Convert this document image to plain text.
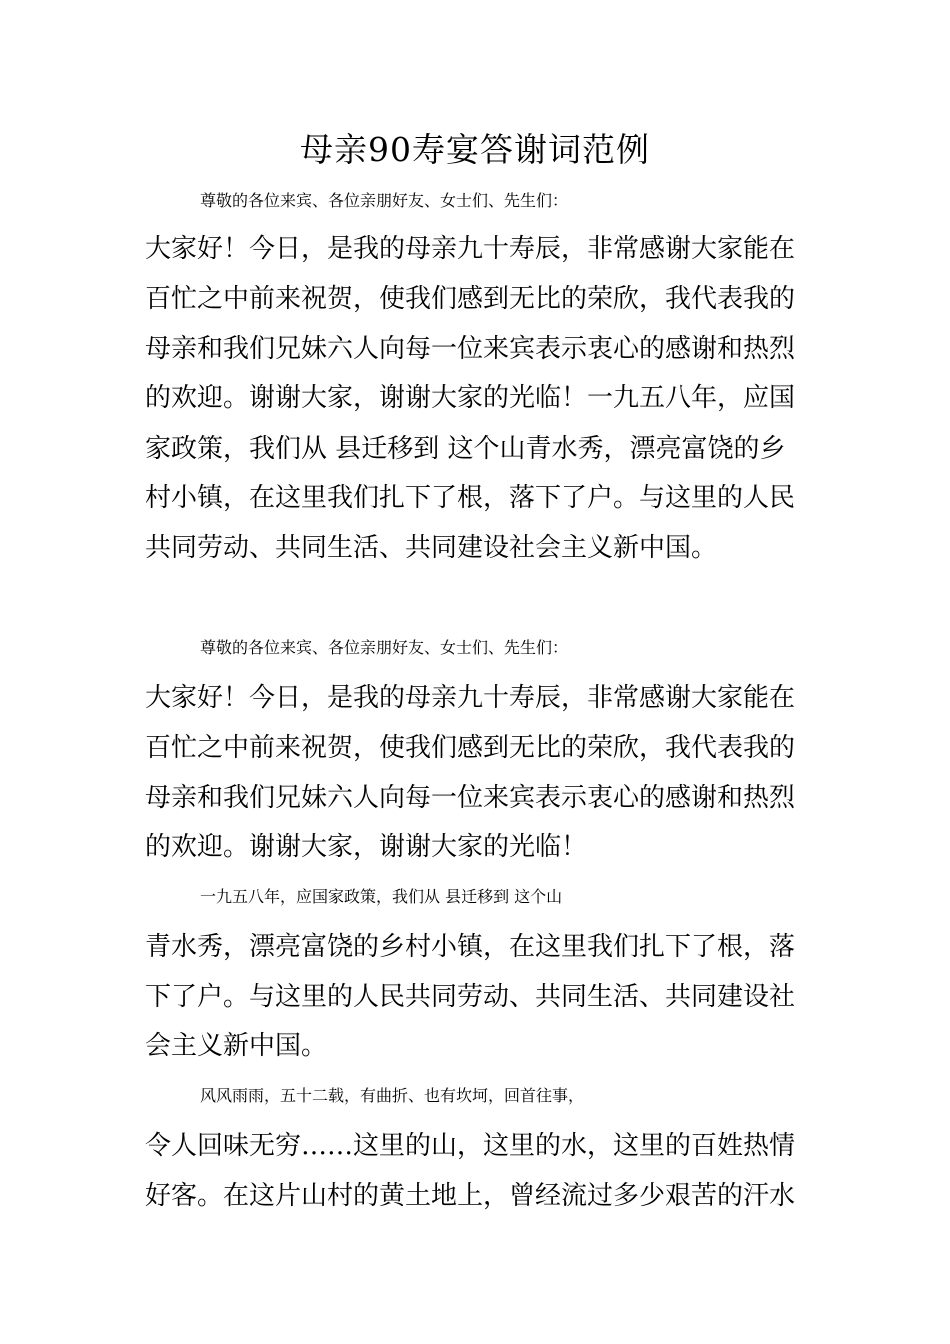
母亲90寿宴答谢词范例
尊敬的各位来宾、各位亲朋好友、女士们、先生们：
大家好！今日，是我的母亲九十寿辰，非常感谢大家能在
百忙之中前来祝贺，使我们感到无比的荣欣，我代表我的
母亲和我们兄妹六人向每一位来宾表示衷心的感谢和热烈
的欢迎。谢谢大家，谢谢大家的光临！一九五八年，应国
家政策，我们从 县迁移到 这个山青水秀，漂亮富饶的乡
村小镇，在这里我们扎下了根，落下了户。与这里的人民
共同劳动、共同生活、共同建设社会主义新中国。
尊敬的各位来宾、各位亲朋好友、女士们、先生们：
大家好！今日，是我的母亲九十寿辰，非常感谢大家能在
百忙之中前来祝贺，使我们感到无比的荣欣，我代表我的
母亲和我们兄妹六人向每一位来宾表示衷心的感谢和热烈
的欢迎。谢谢大家，谢谢大家的光临！
一九五八年，应国家政策，我们从 县迁移到 这个山
青水秀，漂亮富饶的乡村小镇，在这里我们扎下了根，落
下了户。与这里的人民共同劳动、共同生活、共同建设社
会主义新中国。
风风雨雨，五十二载，有曲折、也有坎坷，回首往事，
令人回味无穷……这里的山，这里的水，这里的百姓热情
好客。在这片山村的黄土地上，曾经流过多少艰苦的汗水
